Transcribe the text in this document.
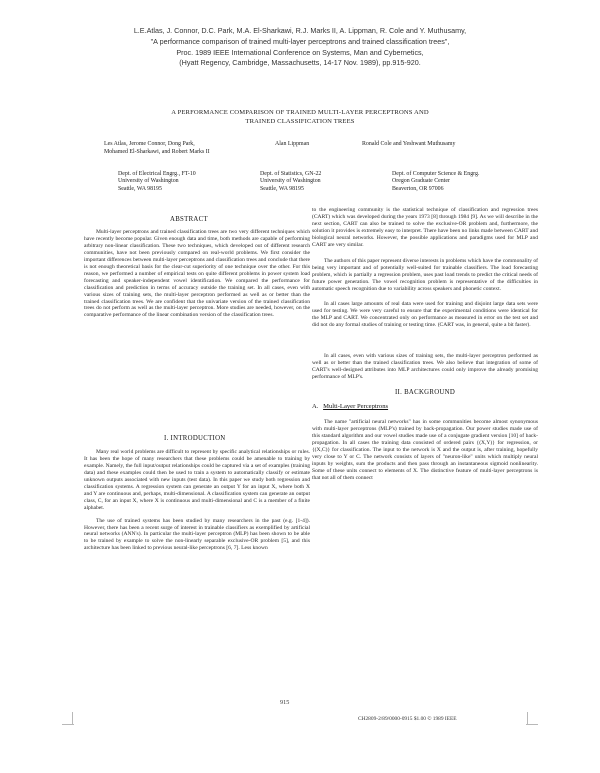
L.E.Atlas, J. Connor, D.C. Park, M.A. El-Sharkawi, R.J. Marks II, A. Lippman, R. Cole and Y. Muthusamy,
"A performance comparison of trained multi-layer perceptrons and trained classification trees",
Proc. 1989 IEEE International Conference on Systems, Man and Cybernetics,
(Hyatt Regency, Cambridge, Massachusetts, 14-17 Nov. 1989), pp.915-920.
A PERFORMANCE COMPARISON OF TRAINED MULTI-LAYER PERCEPTRONS AND
TRAINED CLASSIFICATION TREES
Les Atlas, Jerome Connor, Dong Park,
Mohamed El-Sharkawi, and Robert Marks II
Alan Lippman	Ronald Cole and Yeshwant Muthusamy
Dept. of Electrical Engrg., FT-10
University of Washington
Seattle, WA 98195
Dept. of Statistics, GN-22
University of Washington
Seattle, WA 98195
Dept. of Computer Science & Engrg.
Oregon Graduate Center
Beaverton, OR 97006
ABSTRACT

Multi-layer perceptrons and trained classification trees are two very different techniques which have recently become popular. Given enough data and time, both methods are capable of performing arbitrary non-linear classification. These two techniques, which developed out of different research communities, have not been previously compared on real-world problems. We first consider the important differences between multi-layer perceptrons and classification trees and conclude that there is not enough theoretical basis for the clear-cut superiority of one technique over the other. For this reason, we performed a number of empirical tests on quite different problems in power system load forecasting and speaker-independent vowel identification. We compared the performance for classification and prediction in terms of accuracy outside the training set. In all cases, even with various sizes of training sets, the multi-layer perceptron performed as well as or better than the trained classification trees. We are confident that the univariate version of the trained classification trees do not perform as well as the multi-layer perceptron. More studies are needed, however, on the comparative performance of the linear combination version of the classification trees.

I. INTRODUCTION

Many real world problems are difficult to represent by specific analytical relationships or rules. It has been the hope of many researchers that these problems could be amenable to training by example. Namely, the full input/output relationships could be captured via a set of examples (training data) and these examples could then be used to train a system to automatically classify or estimate unknown outputs associated with new inputs (test data). In this paper we study both regression and classification systems. A regression system can generate an output Y for an input X, where both X and Y are continuous and, perhaps, multi-dimensional. A classification system can generate an output class, C, for an input X, where X is continuous and multi-dimensional and C is a member of a finite alphabet.

The use of trained systems has been studied by many researchers in the past (e.g. [1-4]). However, there has been a recent surge of interest in trainable classifiers as exemplified by artificial neural networks (ANN's). In particular the multi-layer perceptron (MLP) has been shown to be able to be trained by example to solve the non-linearly separable exclusive-OR problem [5], and this architecture has been linked to previous neural-like perceptrons [6, 7]. Less known

to the engineering community is the statistical technique of classification and regression trees (CART) which was developed during the years 1973 [8] through 1984 [9]. As we will describe in the next section, CART can also be trained to solve the exclusive-OR problem and, furthermore, the solution it provides is extremely easy to interpret. There have been no links made between CART and biological neural networks. However, the possible applications and paradigms used for MLP and CART are very similar.

The authors of this paper represent diverse interests in problems which have the commonality of being very important and of potentially well-suited for trainable classifiers. The load forecasting problem, which is partially a regression problem, uses past load trends to predict the critical needs of future power generation. The vowel recognition problem is representative of the difficulties in automatic speech recognition due to variability across speakers and phonetic context.

In all cases large amounts of real data were used for training and disjoint large data sets were used for testing. We were very careful to ensure that the experimental conditions were identical for the MLP and CART. We concentrated only on performance as measured in error on the test set and did not do any formal studies of training or testing time. (CART was, in general, quite a bit faster).

In all cases, even with various sizes of training sets, the multi-layer perceptron performed as well as or better than the trained classification trees. We also believe that integration of some of CART's well-designed attributes into MLP architectures could only improve the already promising performance of MLP's.

II. BACKGROUND
A. Multi-Layer Perceptrons

The name "artificial neural networks" has in some communities become almost synonymous with multi-layer perceptrons (MLP's) trained by back-propagation. Our power studies made use of this standard algorithm and our vowel studies made use of a conjugate gradient version [10] of back-propagation. In all cases the training data consisted of ordered pairs {(X,Y)} for regression, or {(X,C)} for classification. The input to the network is X and the output is, after training, hopefully very close to Y or C. The network consists of layers of "neuron-like" units which multiply neural inputs by weights, sum the products and then pass through an instantaneous sigmoid nonlinearity. Some of these units connect to elements of X. The distinctive feature of multi-layer perceptrons is that not all of them connect

915
CH2809-2/89/0000-0915 $1.00 © 1989 IEEE
